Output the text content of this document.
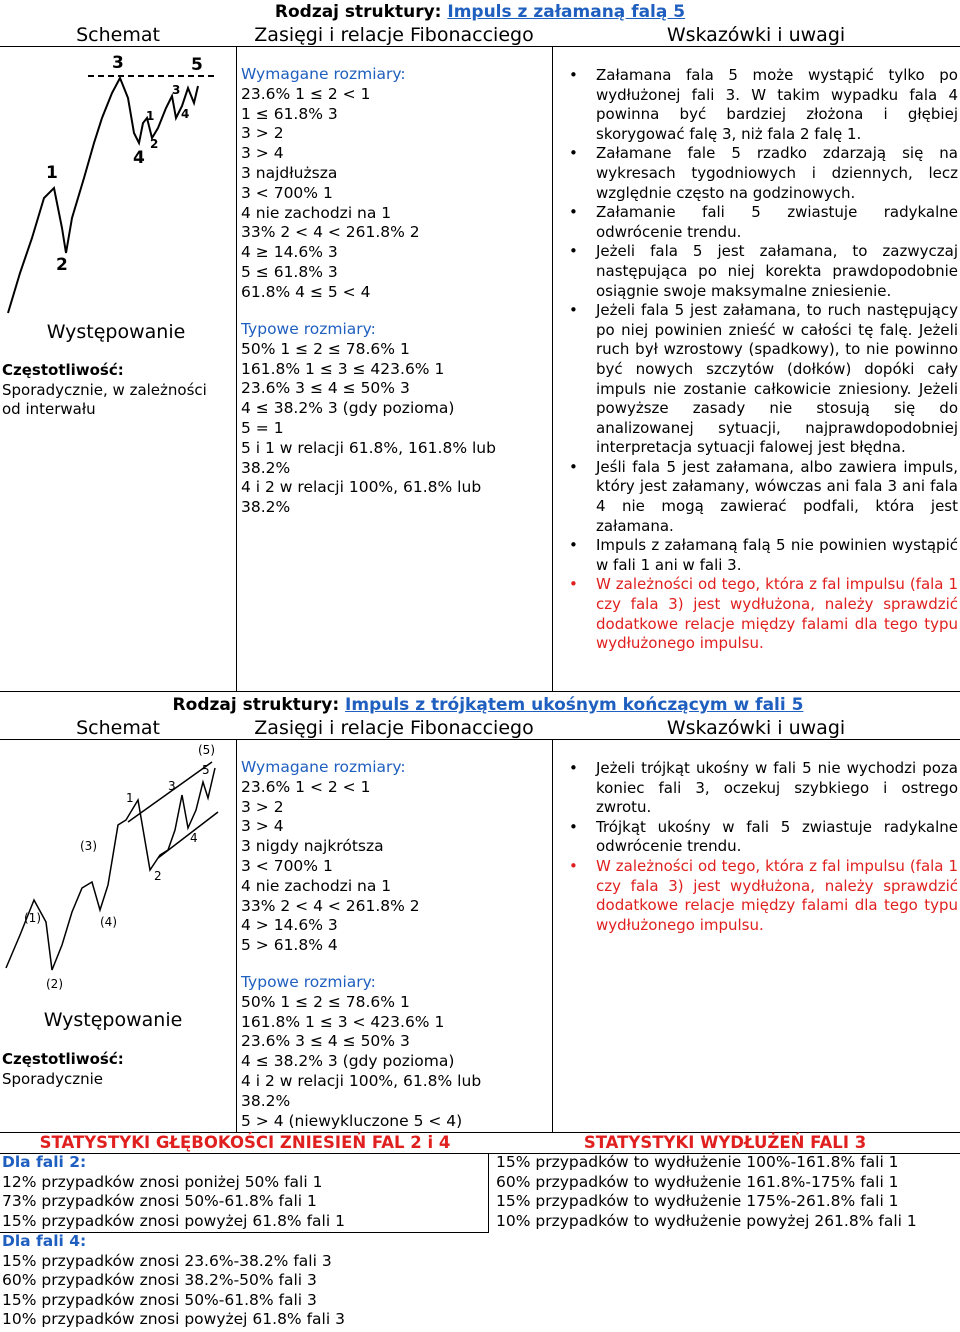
Rodzaj struktury: Impuls z załamaną falą 5
Schemat	Zasięgi i relacje Fibonacciego	Wskazówki i uwagi
3	5
1
3
4
2
4
1
2
Występowanie
Częstotliwość:
Sporadycznie, w zależności od interwału
Wymagane rozmiary:
23.6% 1 ≤ 2 < 1
1 ≤ 61.8% 3
3 > 2
3 > 4
3 najdłuższa
3 < 700% 1
4 nie zachodzi na 1
33% 2 < 4 < 261.8% 2
4 ≥ 14.6% 3
5 ≤ 61.8% 3
61.8% 4 ≤ 5 < 4
Typowe rozmiary:
50% 1 ≤ 2 ≤ 78.6% 1
161.8% 1 ≤ 3 ≤ 423.6% 1
23.6% 3 ≤ 4 ≤ 50% 3
4 ≤ 38.2% 3 (gdy pozioma)
5 = 1
5 i 1 w relacji 61.8%, 161.8% lub
38.2%
4 i 2 w relacji 100%, 61.8% lub
38.2%
• Załamana fala 5 może wystąpić tylko po wydłużonej fali 3. W takim wypadku fala 4 powinna być bardziej złożona i głębiej skorygować falę 3, niż fala 2 falę 1.
• Załamane fale 5 rzadko zdarzają się na wykresach tygodniowych i dziennych, lecz względnie często na godzinowych.
• Załamanie fali 5 zwiastuje radykalne odwrócenie trendu.
• Jeżeli fala 5 jest załamana, to zazwyczaj następująca po niej korekta prawdopodobnie osiągnie swoje maksymalne zniesienie.
• Jeżeli fala 5 jest załamana, to ruch następujący po niej powinien znieść w całości tę falę. Jeżeli ruch był wzrostowy (spadkowy), to nie powinno być nowych szczytów (dołków) dopóki cały impuls nie zostanie całkowicie zniesiony. Jeżeli powyższe zasady nie stosują się do analizowanej sytuacji, najprawdopodobniej interpretacja sytuacji falowej jest błędna.
• Jeśli fala 5 jest załamana, albo zawiera impuls, który jest załamany, wówczas ani fala 3 ani fala 4 nie mogą zawierać podfali, która jest załamana.
• Impuls z załamaną falą 5 nie powinien wystąpić w fali 1 ani w fali 3.
• W zależności od tego, która z fal impulsu (fala 1 czy fala 3) jest wydłużona, należy sprawdzić dodatkowe relacje między falami dla tego typu wydłużonego impulsu.
Rodzaj struktury: Impuls z trójkątem ukośnym kończącym w fali 5
Schemat	Zasięgi i relacje Fibonacciego	Wskazówki i uwagi
(5)
5
3
1
4
(3)
2
(1)	(4)
(2)
Występowanie
Częstotliwość:
Sporadycznie
Wymagane rozmiary:
23.6% 1 < 2 < 1
3 > 2
3 > 4
3 nigdy najkrótsza
3 < 700% 1
4 nie zachodzi na 1
33% 2 < 4 < 261.8% 2
4 > 14.6% 3
5 > 61.8% 4
Typowe rozmiary:
50% 1 ≤ 2 ≤ 78.6% 1
161.8% 1 ≤ 3 < 423.6% 1
23.6% 3 ≤ 4 ≤ 50% 3
4 ≤ 38.2% 3 (gdy pozioma)
4 i 2 w relacji 100%, 61.8% lub
38.2%
5 > 4 (niewykluczone 5 < 4)
• Jeżeli trójkąt ukośny w fali 5 nie wychodzi poza koniec fali 3, oczekuj szybkiego i ostrego zwrotu.
• Trójkąt ukośny w fali 5 zwiastuje radykalne odwrócenie trendu.
• W zależności od tego, która z fal impulsu (fala 1 czy fala 3) jest wydłużona, należy sprawdzić dodatkowe relacje między falami dla tego typu wydłużonego impulsu.
STATYSTYKI GŁĘBOKOŚCI ZNIESIEŃ FAL 2 i 4	STATYSTYKI WYDŁUŻEŃ FALI 3
Dla fali 2:
12% przypadków znosi poniżej 50% fali 1
73% przypadków znosi 50%-61.8% fali 1
15% przypadków znosi powyżej 61.8% fali 1
Dla fali 4:
15% przypadków znosi 23.6%-38.2% fali 3
60% przypadków znosi 38.2%-50% fali 3
15% przypadków znosi 50%-61.8% fali 3
10% przypadków znosi powyżej 61.8% fali 3
15% przypadków to wydłużenie 100%-161.8% fali 1
60% przypadków to wydłużenie 161.8%-175% fali 1
15% przypadków to wydłużenie 175%-261.8% fali 1
10% przypadków to wydłużenie powyżej 261.8% fali 1
